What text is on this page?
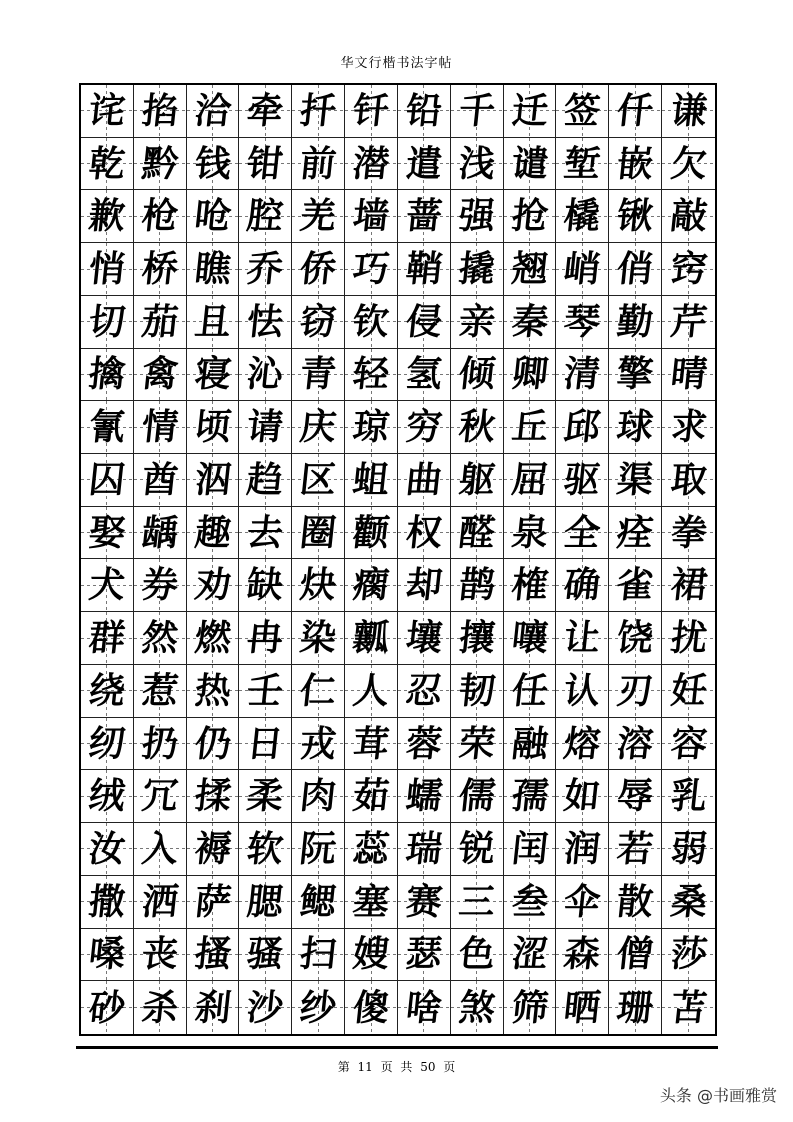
华文行楷书法字帖
诧 掐 洽 牵 扦 钎 铅 千 迁 签 仟 谦
乾 黔 钱 钳 前 潜 遣 浅 谴 堑 嵌 欠
歉 枪 呛 腔 羌 墙 蔷 强 抢 橇 锹 敲
悄 桥 瞧 乔 侨 巧 鞘 撬 翘 峭 俏 窍
切 茄 且 怯 窃 钦 侵 亲 秦 琴 勤 芹
擒 禽 寝 沁 青 轻 氢 倾 卿 清 擎 晴
氰 情 顷 请 庆 琼 穷 秋 丘 邱 球 求
囚 酋 泅 趋 区 蛆 曲 躯 屈 驱 渠 取
娶 龋 趣 去 圈 颧 权 醛 泉 全 痊 拳
犬 券 劝 缺 炔 瘸 却 鹊 榷 确 雀 裙
群 然 燃 冉 染 瓤 壤 攘 嚷 让 饶 扰
绕 惹 热 壬 仁 人 忍 韧 任 认 刃 妊
纫 扔 仍 日 戎 茸 蓉 荣 融 熔 溶 容
绒 冗 揉 柔 肉 茹 蠕 儒 孺 如 辱 乳
汝 入 褥 软 阮 蕊 瑞 锐 闰 润 若 弱
撒 洒 萨 腮 鳃 塞 赛 三 叁 伞 散 桑
嗓 丧 搔 骚 扫 嫂 瑟 色 涩 森 僧 莎
砂 杀 刹 沙 纱 傻 啥 煞 筛 晒 珊 苫
第 11 页 共 50 页
头条 @书画雅赏
